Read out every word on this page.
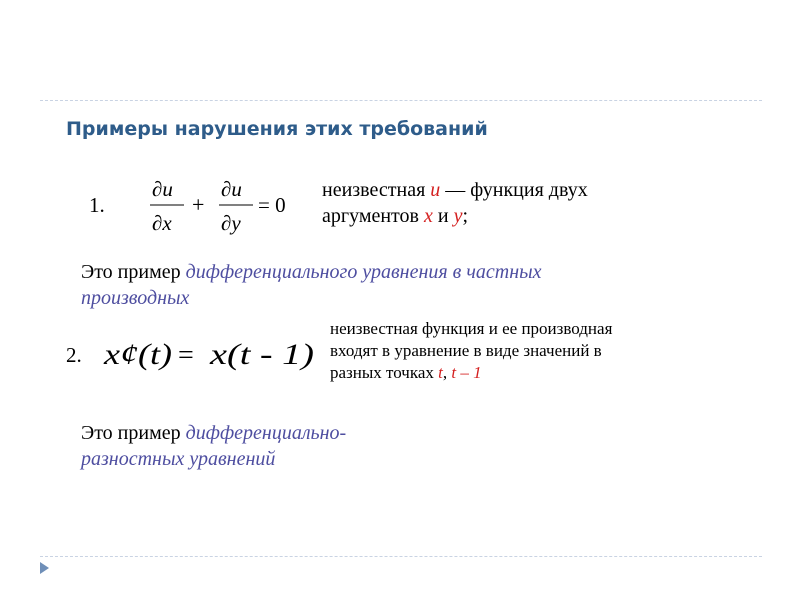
Примеры нарушения этих требований
1.
∂u
∂x
+
∂u
∂y
= 0
неизвестная u — функция двух
аргументов x и y;
Это пример дифференциального уравнения в частных
производных
2. x¢(t) = x(t - 1)
неизвестная функция и ее производная
входят в уравнение в виде значений в
разных точках t, t – 1
Это пример дифференциально-
разностных уравнений
